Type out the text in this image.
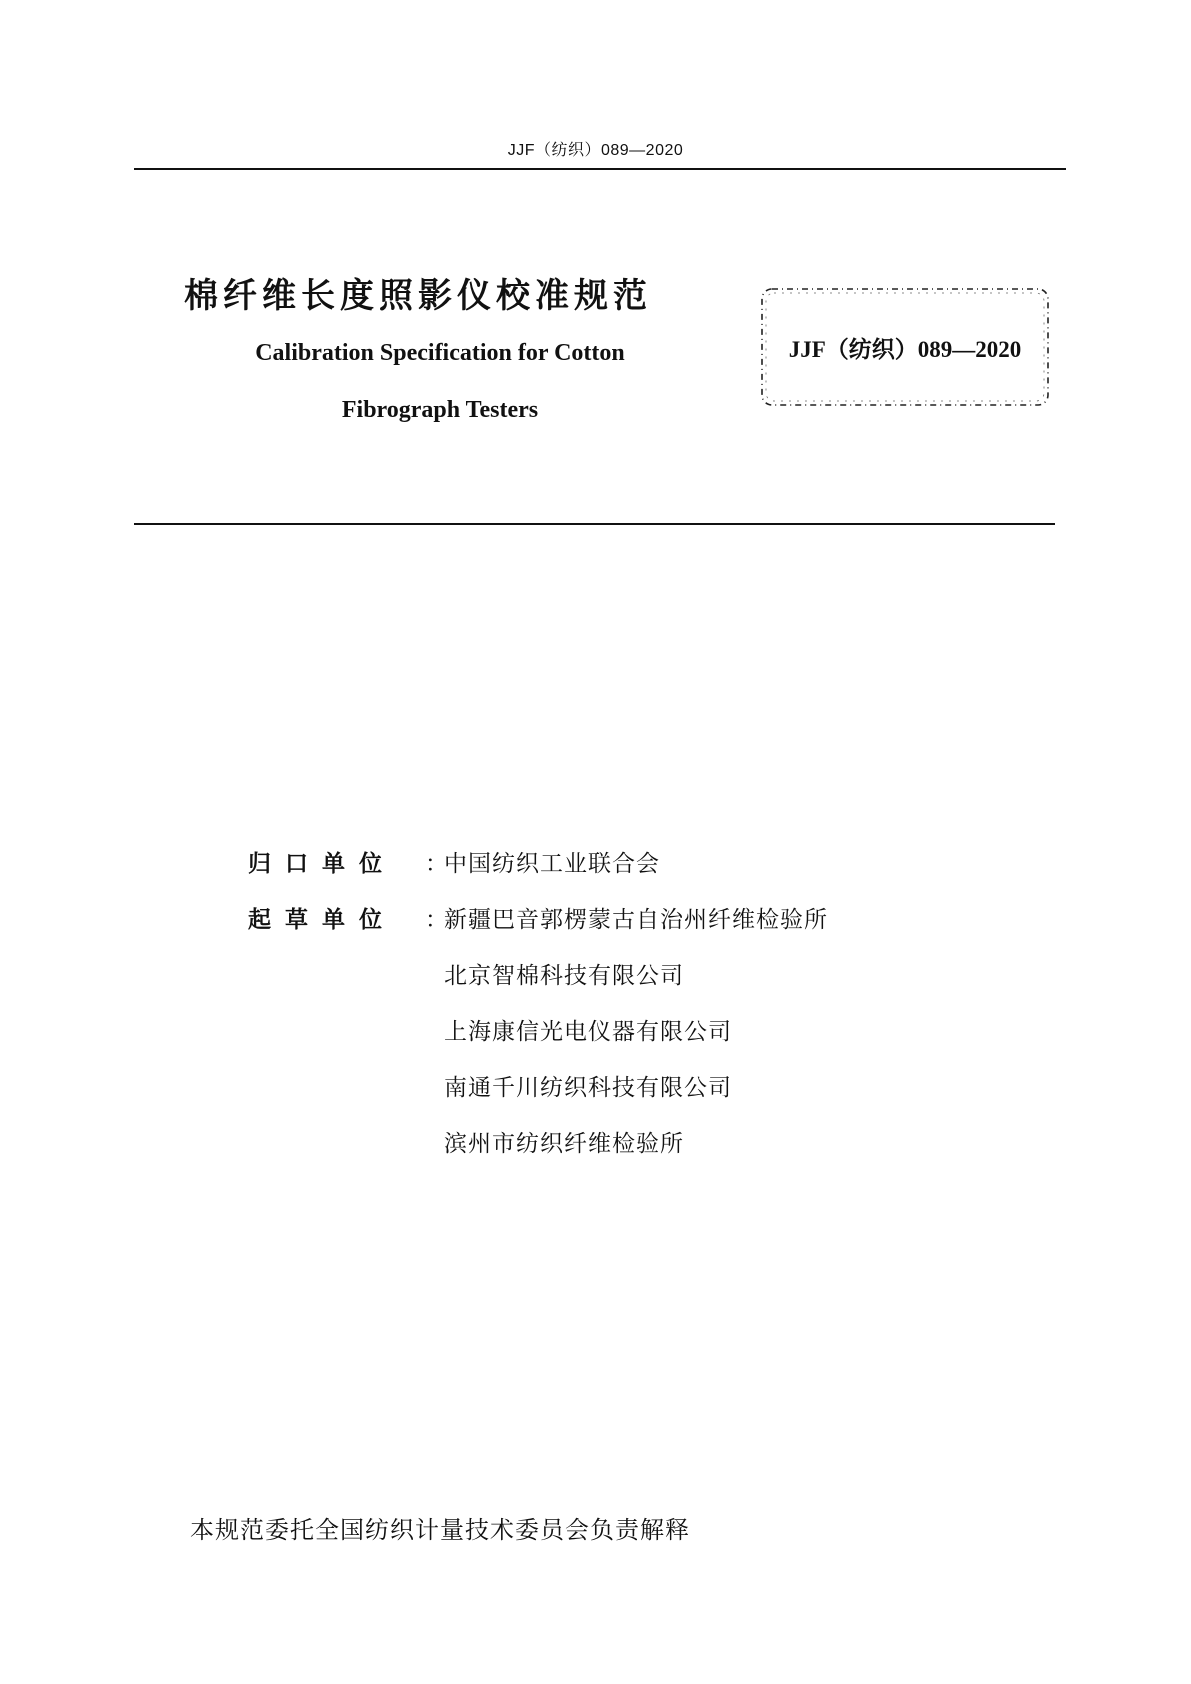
JJF（纺织）089—2020
棉纤维长度照影仪校准规范
Calibration Specification for Cotton
Fibrograph Testers
JJF（纺织）089—2020
归口单位 ：
中国纺织工业联合会
起草单位 ：
新疆巴音郭楞蒙古自治州纤维检验所
北京智棉科技有限公司
上海康信光电仪器有限公司
南通千川纺织科技有限公司
滨州市纺织纤维检验所
本规范委托全国纺织计量技术委员会负责解释
